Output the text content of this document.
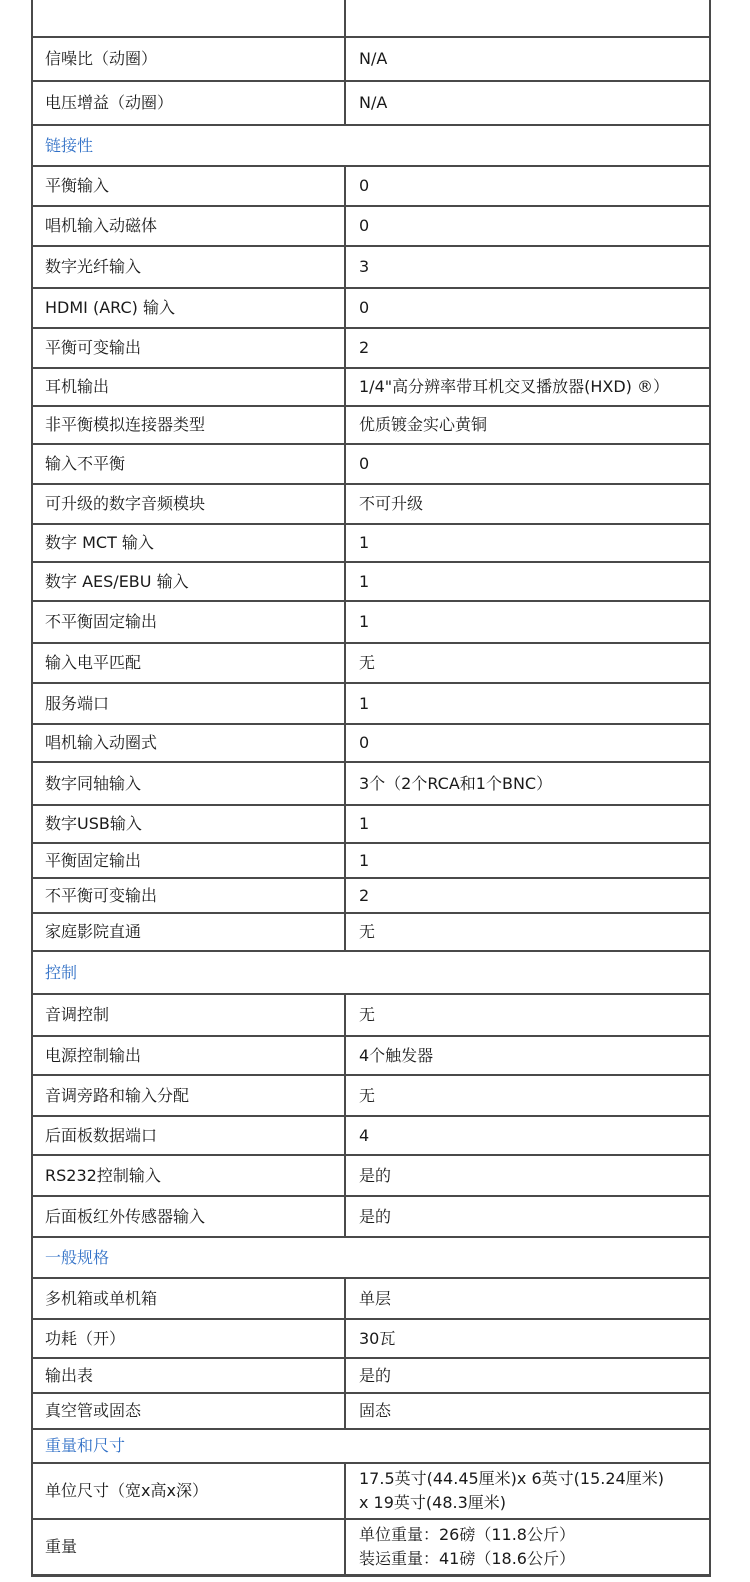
信噪比（动圈）	N/A
电压增益（动圈）	N/A
链接性	
平衡输入	0
唱机输入动磁体	0
数字光纤输入	3
HDMI (ARC) 输入	0
平衡可变输出	2
耳机输出	1/4"高分辨率带耳机交叉播放器(HXD) ®）
非平衡模拟连接器类型	优质镀金实心黄铜
输入不平衡	0
可升级的数字音频模块	不可升级
数字 MCT 输入	1
数字 AES/EBU 输入	1
不平衡固定输出	1
输入电平匹配	无
服务端口	1
唱机输入动圈式	0
数字同轴输入	3个（2个RCA和1个BNC）
数字USB输入	1
平衡固定输出	1
不平衡可变输出	2
家庭影院直通	无
控制	
音调控制	无
电源控制输出	4个触发器
音调旁路和输入分配	无
后面板数据端口	4
RS232控制输入	是的
后面板红外传感器输入	是的
一般规格	
多机箱或单机箱	单层
功耗（开）	30瓦
输出表	是的
真空管或固态	固态
重量和尺寸	
单位尺寸（宽x高x深）	17.5英寸(44.45厘米)x 6英寸(15.24厘米)
x 19英寸(48.3厘米)

重量	单位重量：26磅（11.8公斤）
装运重量：41磅（18.6公斤）
